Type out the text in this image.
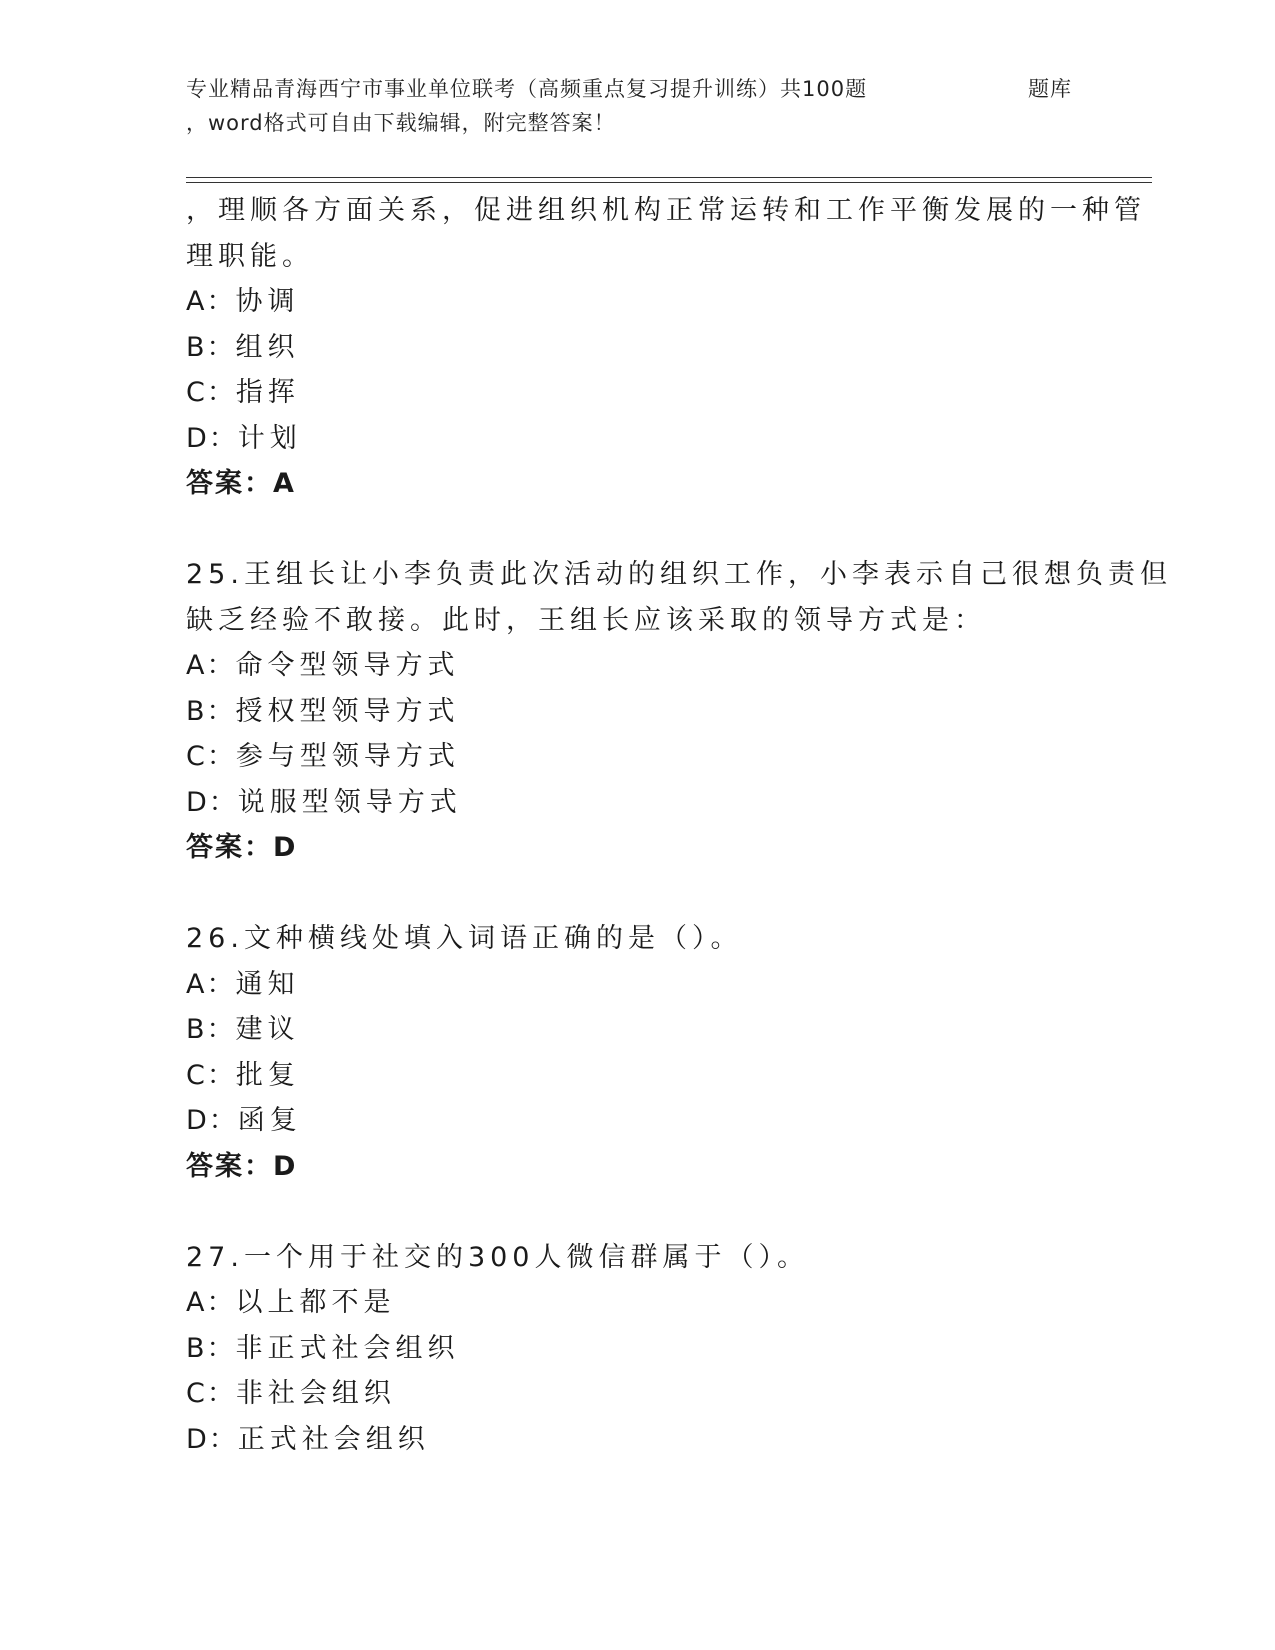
专业精品青海西宁市事业单位联考（高频重点复习提升训练）共100题	题库
，word格式可自由下载编辑，附完整答案！
，理顺各方面关系，促进组织机构正常运转和工作平衡发展的一种管
理职能。
A：协调
B：组织
C：指挥
D：计划
答案：A
25.王组长让小李负责此次活动的组织工作，小李表示自己很想负责但
缺乏经验不敢接。此时，王组长应该采取的领导方式是：
A：命令型领导方式
B：授权型领导方式
C：参与型领导方式
D：说服型领导方式
答案：D
26.文种横线处填入词语正确的是（）。
A：通知
B：建议
C：批复
D：函复
答案：D
27.一个用于社交的300人微信群属于（）。
A：以上都不是
B：非正式社会组织
C：非社会组织
D：正式社会组织
